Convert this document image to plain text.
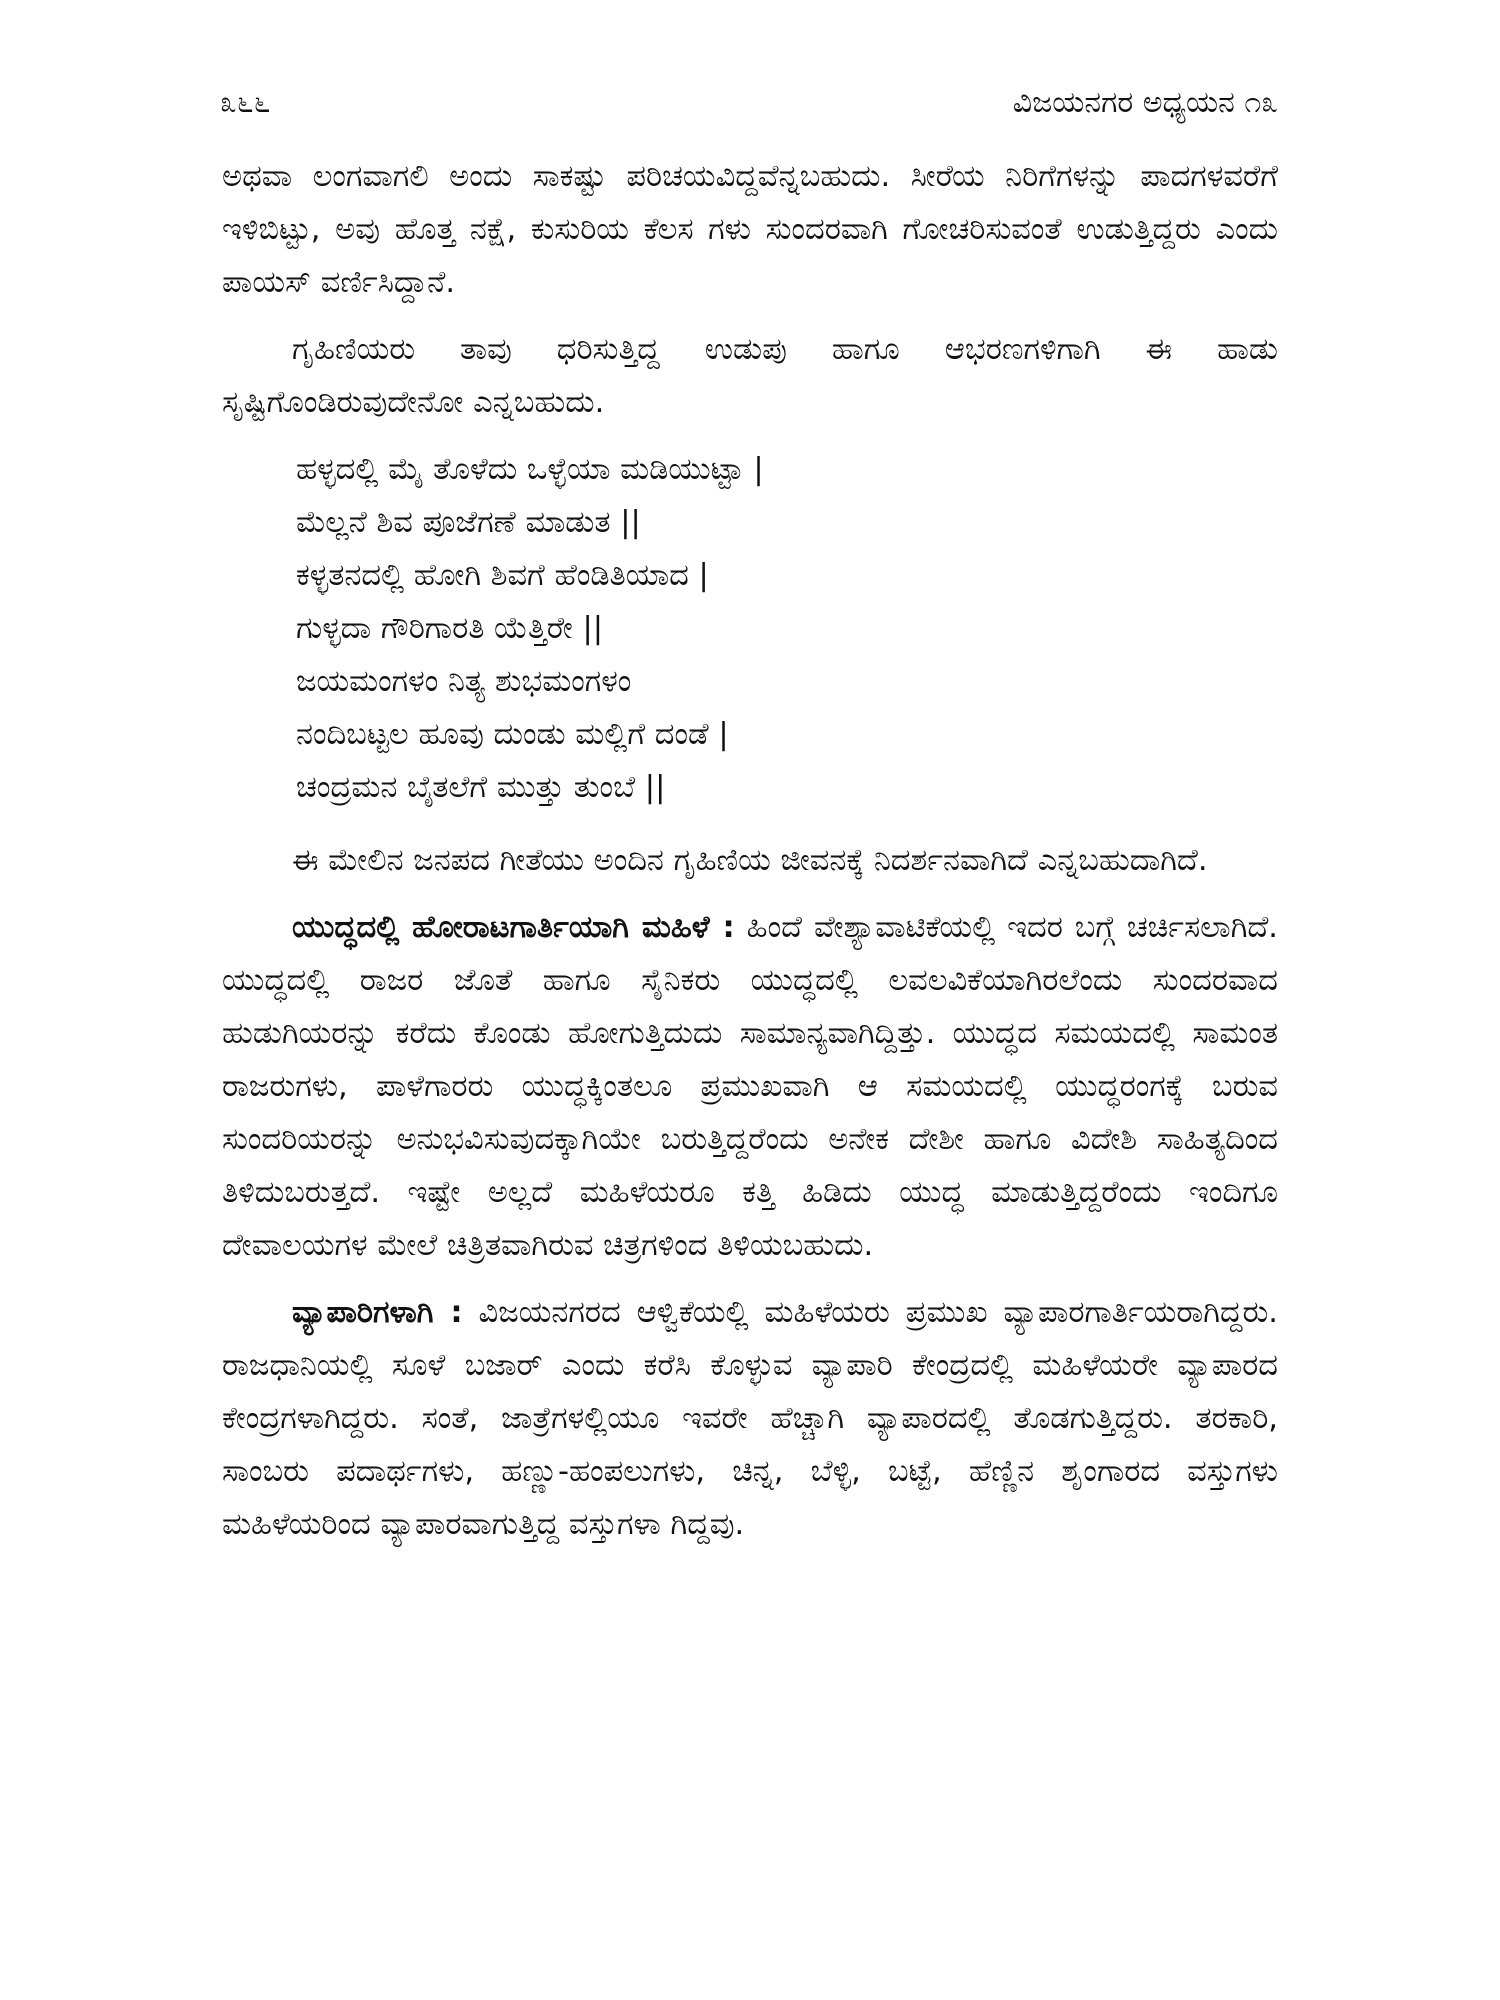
೩೬೬	ವಿಜಯನಗರ ಅಧ್ಯಯನ ೧೩

ಅಥವಾ ಲಂಗವಾಗಲಿ ಅಂದು ಸಾಕಷ್ಟು ಪರಿಚಯವಿದ್ದವೆನ್ನಬಹುದು. ಸೀರೆಯ ನಿರಿಗೆಗಳನ್ನು ಪಾದಗಳವರೆಗೆ ಇಳಿಬಿಟ್ಟು, ಅವು ಹೊತ್ತ ನಕ್ಷೆ, ಕುಸುರಿಯ ಕೆಲಸ ಗಳು ಸುಂದರವಾಗಿ ಗೋಚರಿಸುವಂತೆ ಉಡುತ್ತಿದ್ದರು ಎಂದು ಪಾಯಸ್ ವರ್ಣಿಸಿದ್ದಾನೆ.

ಗೃಹಿಣಿಯರು ತಾವು ಧರಿಸುತ್ತಿದ್ದ ಉಡುಪು ಹಾಗೂ ಆಭರಣಗಳಿಗಾಗಿ ಈ ಹಾಡು ಸೃಷ್ಟಿಗೊಂಡಿರುವುದೇನೋ ಎನ್ನಬಹುದು.

ಹಳ್ಳದಲ್ಲಿ ಮೈ ತೊಳೆದು ಒಳ್ಳೆಯಾ ಮಡಿಯುಟ್ಟಾ |
ಮೆಲ್ಲನೆ ಶಿವ ಪೂಜೆಗಣೆ ಮಾಡುತ ||
ಕಳ್ಳತನದಲ್ಲಿ ಹೋಗಿ ಶಿವಗೆ ಹೆಂಡಿತಿಯಾದ |
ಗುಳ್ಳದಾ ಗೌರಿಗಾರತಿ ಯೆತ್ತಿರೇ ||
ಜಯಮಂಗಳಂ ನಿತ್ಯ ಶುಭಮಂಗಳಂ
ನಂದಿಬಟ್ಟಲ ಹೂವು ದುಂಡು ಮಲ್ಲಿಗೆ ದಂಡೆ |
ಚಂದ್ರಮನ ಬೈತಲೆಗೆ ಮುತ್ತು ತುಂಬೆ ||

ಈ ಮೇಲಿನ ಜನಪದ ಗೀತೆಯು ಅಂದಿನ ಗೃಹಿಣಿಯ ಜೀವನಕ್ಕೆ ನಿದರ್ಶನವಾಗಿದೆ ಎನ್ನಬಹುದಾಗಿದೆ.

ಯುದ್ಧದಲ್ಲಿ ಹೋರಾಟಗಾರ್ತಿಯಾಗಿ ಮಹಿಳೆ : ಹಿಂದೆ ವೇಶ್ಯಾವಾಟಿಕೆಯಲ್ಲಿ ಇದರ ಬಗ್ಗೆ ಚರ್ಚಿಸಲಾಗಿದೆ. ಯುದ್ಧದಲ್ಲಿ ರಾಜರ ಜೊತೆ ಹಾಗೂ ಸೈನಿಕರು ಯುದ್ಧದಲ್ಲಿ ಲವಲವಿಕೆಯಾಗಿರಲೆಂದು ಸುಂದರವಾದ ಹುಡುಗಿಯರನ್ನು ಕರೆದು ಕೊಂಡು ಹೋಗುತ್ತಿದುದು ಸಾಮಾನ್ಯವಾಗಿದ್ದಿತ್ತು. ಯುದ್ಧದ ಸಮಯದಲ್ಲಿ ಸಾಮಂತ ರಾಜರುಗಳು, ಪಾಳೆಗಾರರು ಯುದ್ಧಕ್ಕಿಂತಲೂ ಪ್ರಮುಖವಾಗಿ ಆ ಸಮಯದಲ್ಲಿ ಯುದ್ಧರಂಗಕ್ಕೆ ಬರುವ ಸುಂದರಿಯರನ್ನು ಅನುಭವಿಸುವುದಕ್ಕಾಗಿಯೇ ಬರುತ್ತಿದ್ದರೆಂದು ಅನೇಕ ದೇಶೀ ಹಾಗೂ ವಿದೇಶಿ ಸಾಹಿತ್ಯದಿಂದ ತಿಳಿದುಬರುತ್ತದೆ. ಇಷ್ಟೇ ಅಲ್ಲದೆ ಮಹಿಳೆಯರೂ ಕತ್ತಿ ಹಿಡಿದು ಯುದ್ಧ ಮಾಡುತ್ತಿದ್ದರೆಂದು ಇಂದಿಗೂ ದೇವಾಲಯಗಳ ಮೇಲೆ ಚಿತ್ರಿತವಾಗಿರುವ ಚಿತ್ರಗಳಿಂದ ತಿಳಿಯಬಹುದು.

ವ್ಯಾಪಾರಿಗಳಾಗಿ : ವಿಜಯನಗರದ ಆಳ್ವಿಕೆಯಲ್ಲಿ ಮಹಿಳೆಯರು ಪ್ರಮುಖ ವ್ಯಾಪಾರಗಾರ್ತಿಯರಾಗಿದ್ದರು. ರಾಜಧಾನಿಯಲ್ಲಿ ಸೂಳೆ ಬಜಾರ್ ಎಂದು ಕರೆಸಿ ಕೊಳ್ಳುವ ವ್ಯಾಪಾರಿ ಕೇಂದ್ರದಲ್ಲಿ ಮಹಿಳೆಯರೇ ವ್ಯಾಪಾರದ ಕೇಂದ್ರಗಳಾಗಿದ್ದರು. ಸಂತೆ, ಜಾತ್ರೆಗಳಲ್ಲಿಯೂ ಇವರೇ ಹೆಚ್ಚಾಗಿ ವ್ಯಾಪಾರದಲ್ಲಿ ತೊಡಗುತ್ತಿದ್ದರು. ತರಕಾರಿ, ಸಾಂಬರು ಪದಾರ್ಥಗಳು, ಹಣ್ಣು-ಹಂಪಲುಗಳು, ಚಿನ್ನ, ಬೆಳ್ಳಿ, ಬಟ್ಟೆ, ಹೆಣ್ಣಿನ ಶೃಂಗಾರದ ವಸ್ತುಗಳು ಮಹಿಳೆಯರಿಂದ ವ್ಯಾಪಾರವಾಗುತ್ತಿದ್ದ ವಸ್ತುಗಳಾ ಗಿದ್ದವು.
